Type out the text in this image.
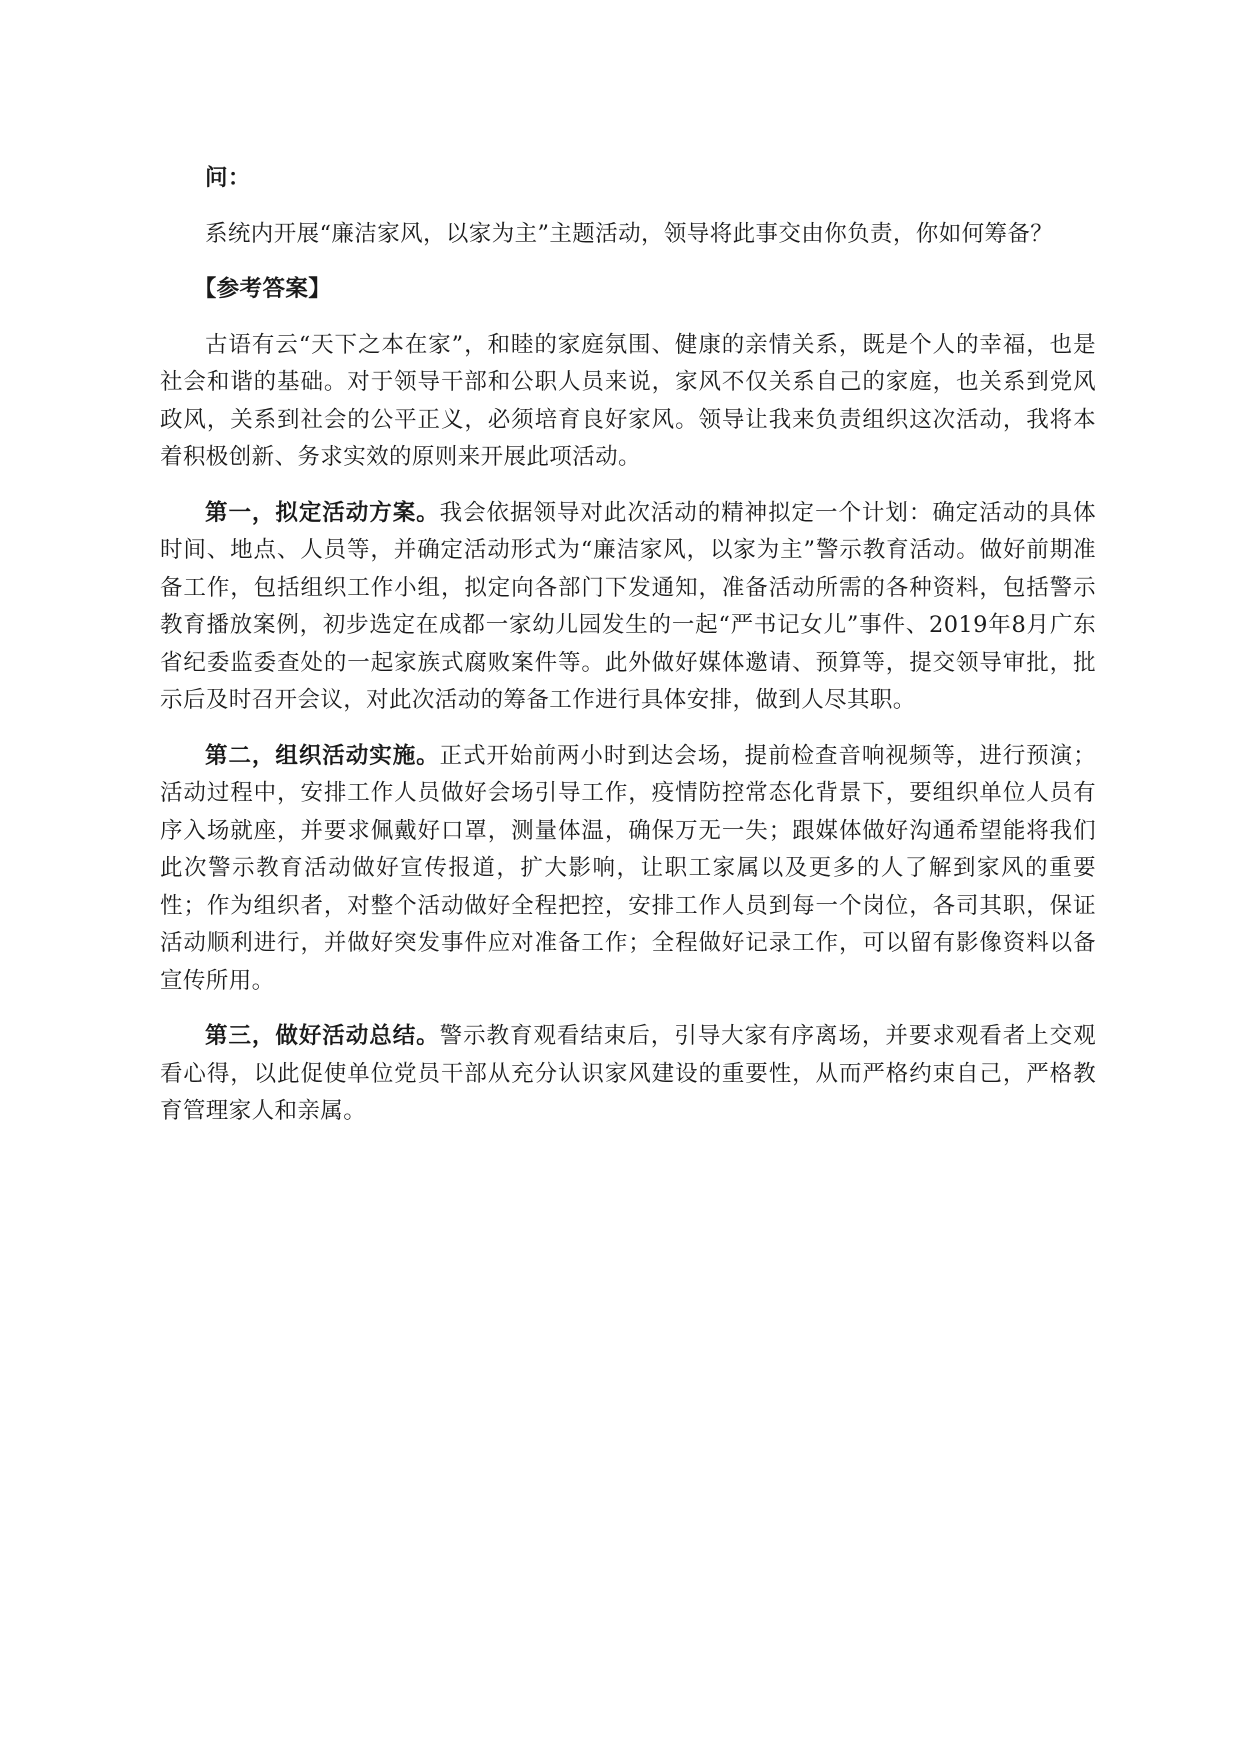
问：

系统内开展“廉洁家风，以家为主”主题活动，领导将此事交由你负责，你如何筹备？

【参考答案】

古语有云“天下之本在家”，和睦的家庭氛围、健康的亲情关系，既是个人的幸福，也是社会和谐的基础。对于领导干部和公职人员来说，家风不仅关系自己的家庭，也关系到党风政风，关系到社会的公平正义，必须培育良好家风。领导让我来负责组织这次活动，我将本着积极创新、务求实效的原则来开展此项活动。

第一，拟定活动方案。我会依据领导对此次活动的精神拟定一个计划：确定活动的具体时间、地点、人员等，并确定活动形式为“廉洁家风，以家为主”警示教育活动。做好前期准备工作，包括组织工作小组，拟定向各部门下发通知，准备活动所需的各种资料，包括警示教育播放案例，初步选定在成都一家幼儿园发生的一起“严书记女儿”事件、2019年8月广东省纪委监委查处的一起家族式腐败案件等。此外做好媒体邀请、预算等，提交领导审批，批示后及时召开会议，对此次活动的筹备工作进行具体安排，做到人尽其职。

第二，组织活动实施。正式开始前两小时到达会场，提前检查音响视频等，进行预演；活动过程中，安排工作人员做好会场引导工作，疫情防控常态化背景下，要组织单位人员有序入场就座，并要求佩戴好口罩，测量体温，确保万无一失；跟媒体做好沟通希望能将我们此次警示教育活动做好宣传报道，扩大影响，让职工家属以及更多的人了解到家风的重要性；作为组织者，对整个活动做好全程把控，安排工作人员到每一个岗位，各司其职，保证活动顺利进行，并做好突发事件应对准备工作；全程做好记录工作，可以留有影像资料以备宣传所用。

第三，做好活动总结。警示教育观看结束后，引导大家有序离场，并要求观看者上交观看心得，以此促使单位党员干部从充分认识家风建设的重要性，从而严格约束自己，严格教育管理家人和亲属。
